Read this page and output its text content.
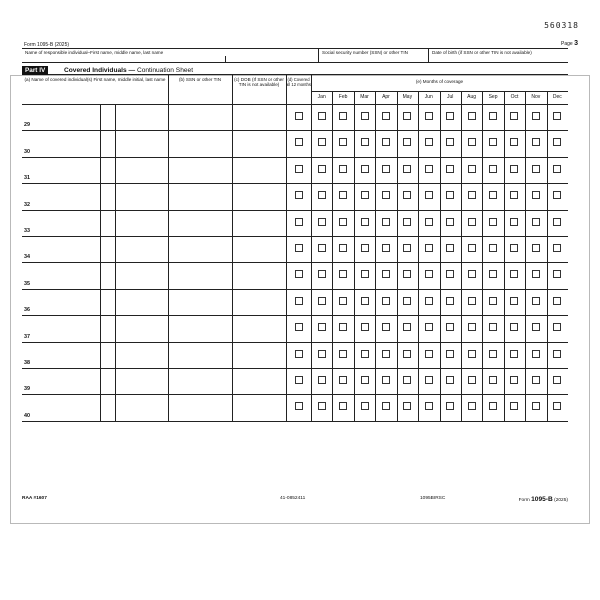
560318
Form 1095-B (2025)	Page 3
Name of responsible individual–First name, middle name, last name	Social security number (SSN) or other TIN	Date of birth (if SSN or other TIN is not available)
Part IV	Covered Individuals — Continuation Sheet
(a) Name of covered individual(s) First name, middle initial, last name	(b) SSN or other TIN	(c) DOB (If SSN or other TIN is not available)
(d) Covered all 12 months
(e) Months of coverage
Jan	Feb	Mar	Apr	May	Jun	Jul	Aug	Sep	Oct	Nov	Dec
29
30
31
32
33
34
35
36
37
38
39
40
RAA #1607	41-0852411	1095BIRSC	Form 1095-B (2025)
